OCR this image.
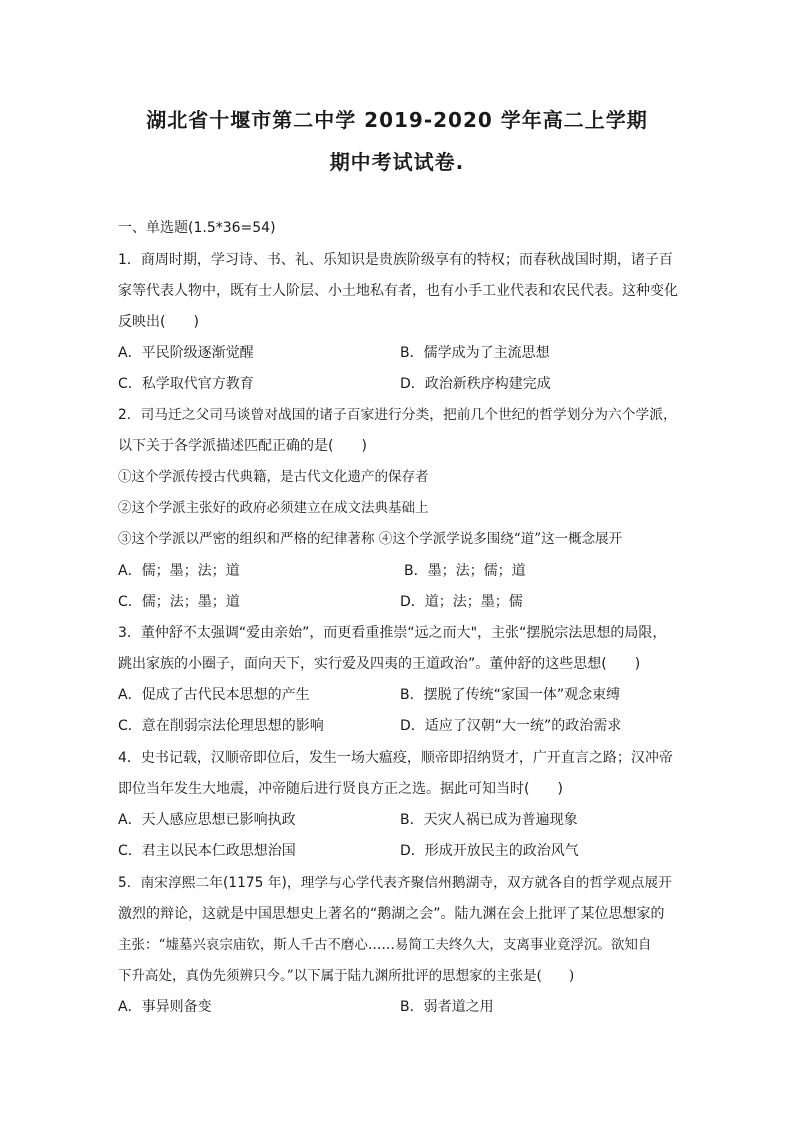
湖北省十堰市第二中学 2019-2020 学年高二上学期
期中考试试卷.
一、单选题(1.5*36=54)
1．商周时期，学习诗、书、礼、乐知识是贵族阶级享有的特权；而春秋战国时期，诸子百
家等代表人物中，既有士人阶层、小土地私有者，也有小手工业代表和农民代表。这种变化
反映出(　　)
A．平民阶级逐渐觉醒	B．儒学成为了主流思想
C．私学取代官方教育	D．政治新秩序构建完成
2．司马迁之父司马谈曾对战国的诸子百家进行分类，把前几个世纪的哲学划分为六个学派，
以下关于各学派描述匹配正确的是(　　)
①这个学派传授古代典籍，是古代文化遗产的保存者
②这个学派主张好的政府必须建立在成文法典基础上
③这个学派以严密的组织和严格的纪律著称 ④这个学派学说多围绕“道”这一概念展开
A．儒；墨；法；道	B．墨；法；儒；道
C．儒；法；墨；道	D．道；法；墨；儒
3．董仲舒不太强调“爱由亲始”，而更看重推崇“远之而大"，主张“摆脱宗法思想的局限，
跳出家族的小圈子，面向天下，实行爱及四夷的王道政治”。董仲舒的这些思想(　　)
A．促成了古代民本思想的产生	B．摆脱了传统“家国一体”观念束缚
C．意在削弱宗法伦理思想的影响	D．适应了汉朝“大一统”的政治需求
4．史书记载，汉顺帝即位后，发生一场大瘟疫，顺帝即招纳贤才，广开直言之路；汉冲帝
即位当年发生大地震，冲帝随后进行贤良方正之选。据此可知当时(　　)
A．天人感应思想已影响执政	B．天灾人祸已成为普遍现象
C．君主以民本仁政思想治国	D．形成开放民主的政治风气
5．南宋淳熙二年(1175 年)，理学与心学代表齐聚信州鹅湖寺，双方就各自的哲学观点展开
激烈的辩论，这就是中国思想史上著名的“鹅湖之会”。陆九渊在会上批评了某位思想家的
主张：“墟墓兴哀宗庙钦，斯人千古不磨心……易简工夫终久大，支离事业竟浮沉。欲知自
下升高处，真伪先须辨只今。”以下属于陆九渊所批评的思想家的主张是(　　)
A．事异则备变	B．弱者道之用
